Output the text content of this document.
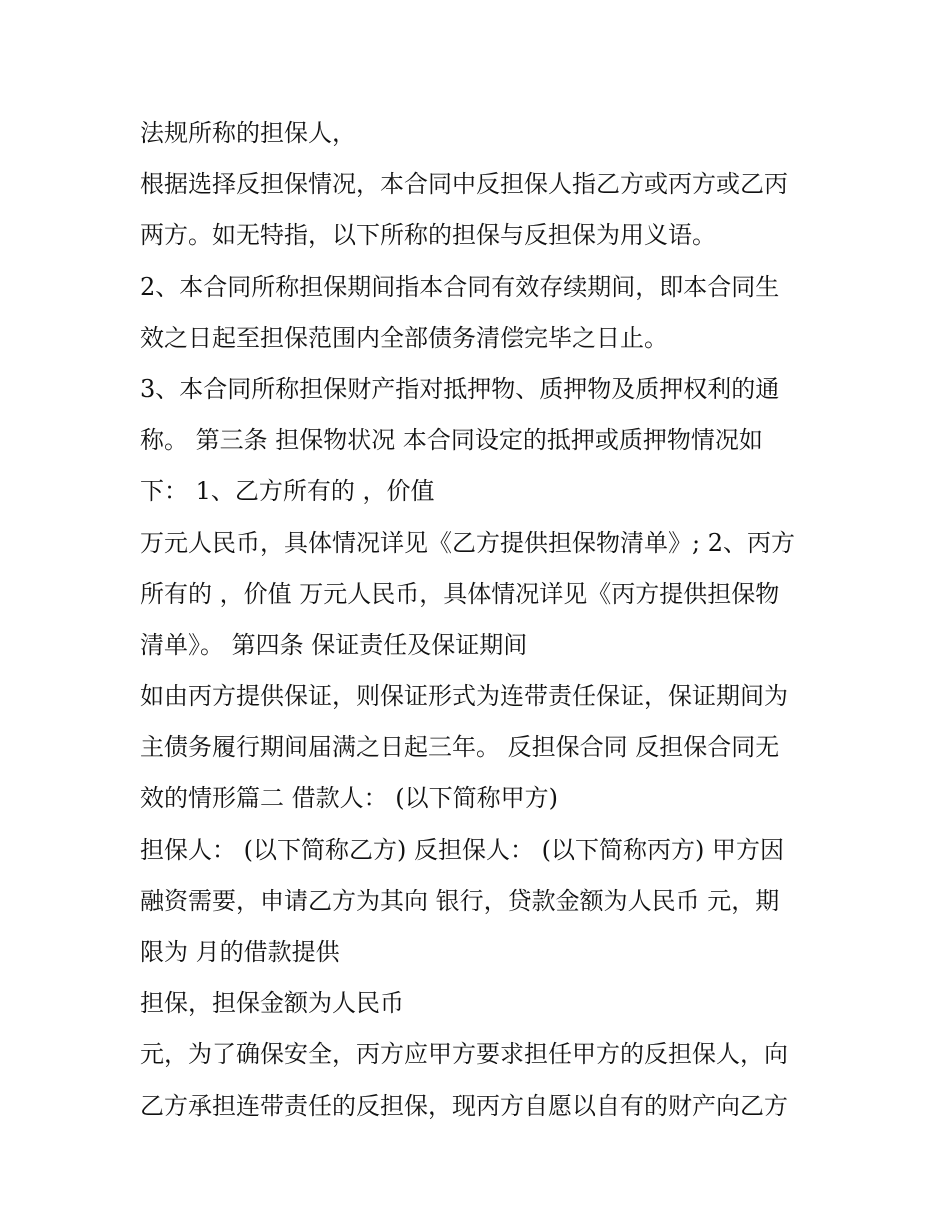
法规所称的担保人，
根据选择反担保情况，本合同中反担保人指乙方或丙方或乙丙
两方。如无特指，以下所称的担保与反担保为用义语。
2、本合同所称担保期间指本合同有效存续期间，即本合同生
效之日起至担保范围内全部债务清偿完毕之日止。
3、本合同所称担保财产指对抵押物、质押物及质押权利的通
称。 第三条 担保物状况 本合同设定的抵押或质押物情况如
下： 1、乙方所有的 ，价值
万元人民币，具体情况详见《乙方提供担保物清单》; 2、丙方
所有的 ，价值 万元人民币，具体情况详见《丙方提供担保物
清单》。 第四条 保证责任及保证期间
如由丙方提供保证，则保证形式为连带责任保证，保证期间为
主债务履行期间届满之日起三年。 反担保合同 反担保合同无
效的情形篇二 借款人： (以下简称甲方)
担保人： (以下简称乙方) 反担保人： (以下简称丙方) 甲方因
融资需要，申请乙方为其向 银行，贷款金额为人民币 元，期
限为 月的借款提供
担保，担保金额为人民币
元，为了确保安全，丙方应甲方要求担任甲方的反担保人，向
乙方承担连带责任的反担保，现丙方自愿以自有的财产向乙方
